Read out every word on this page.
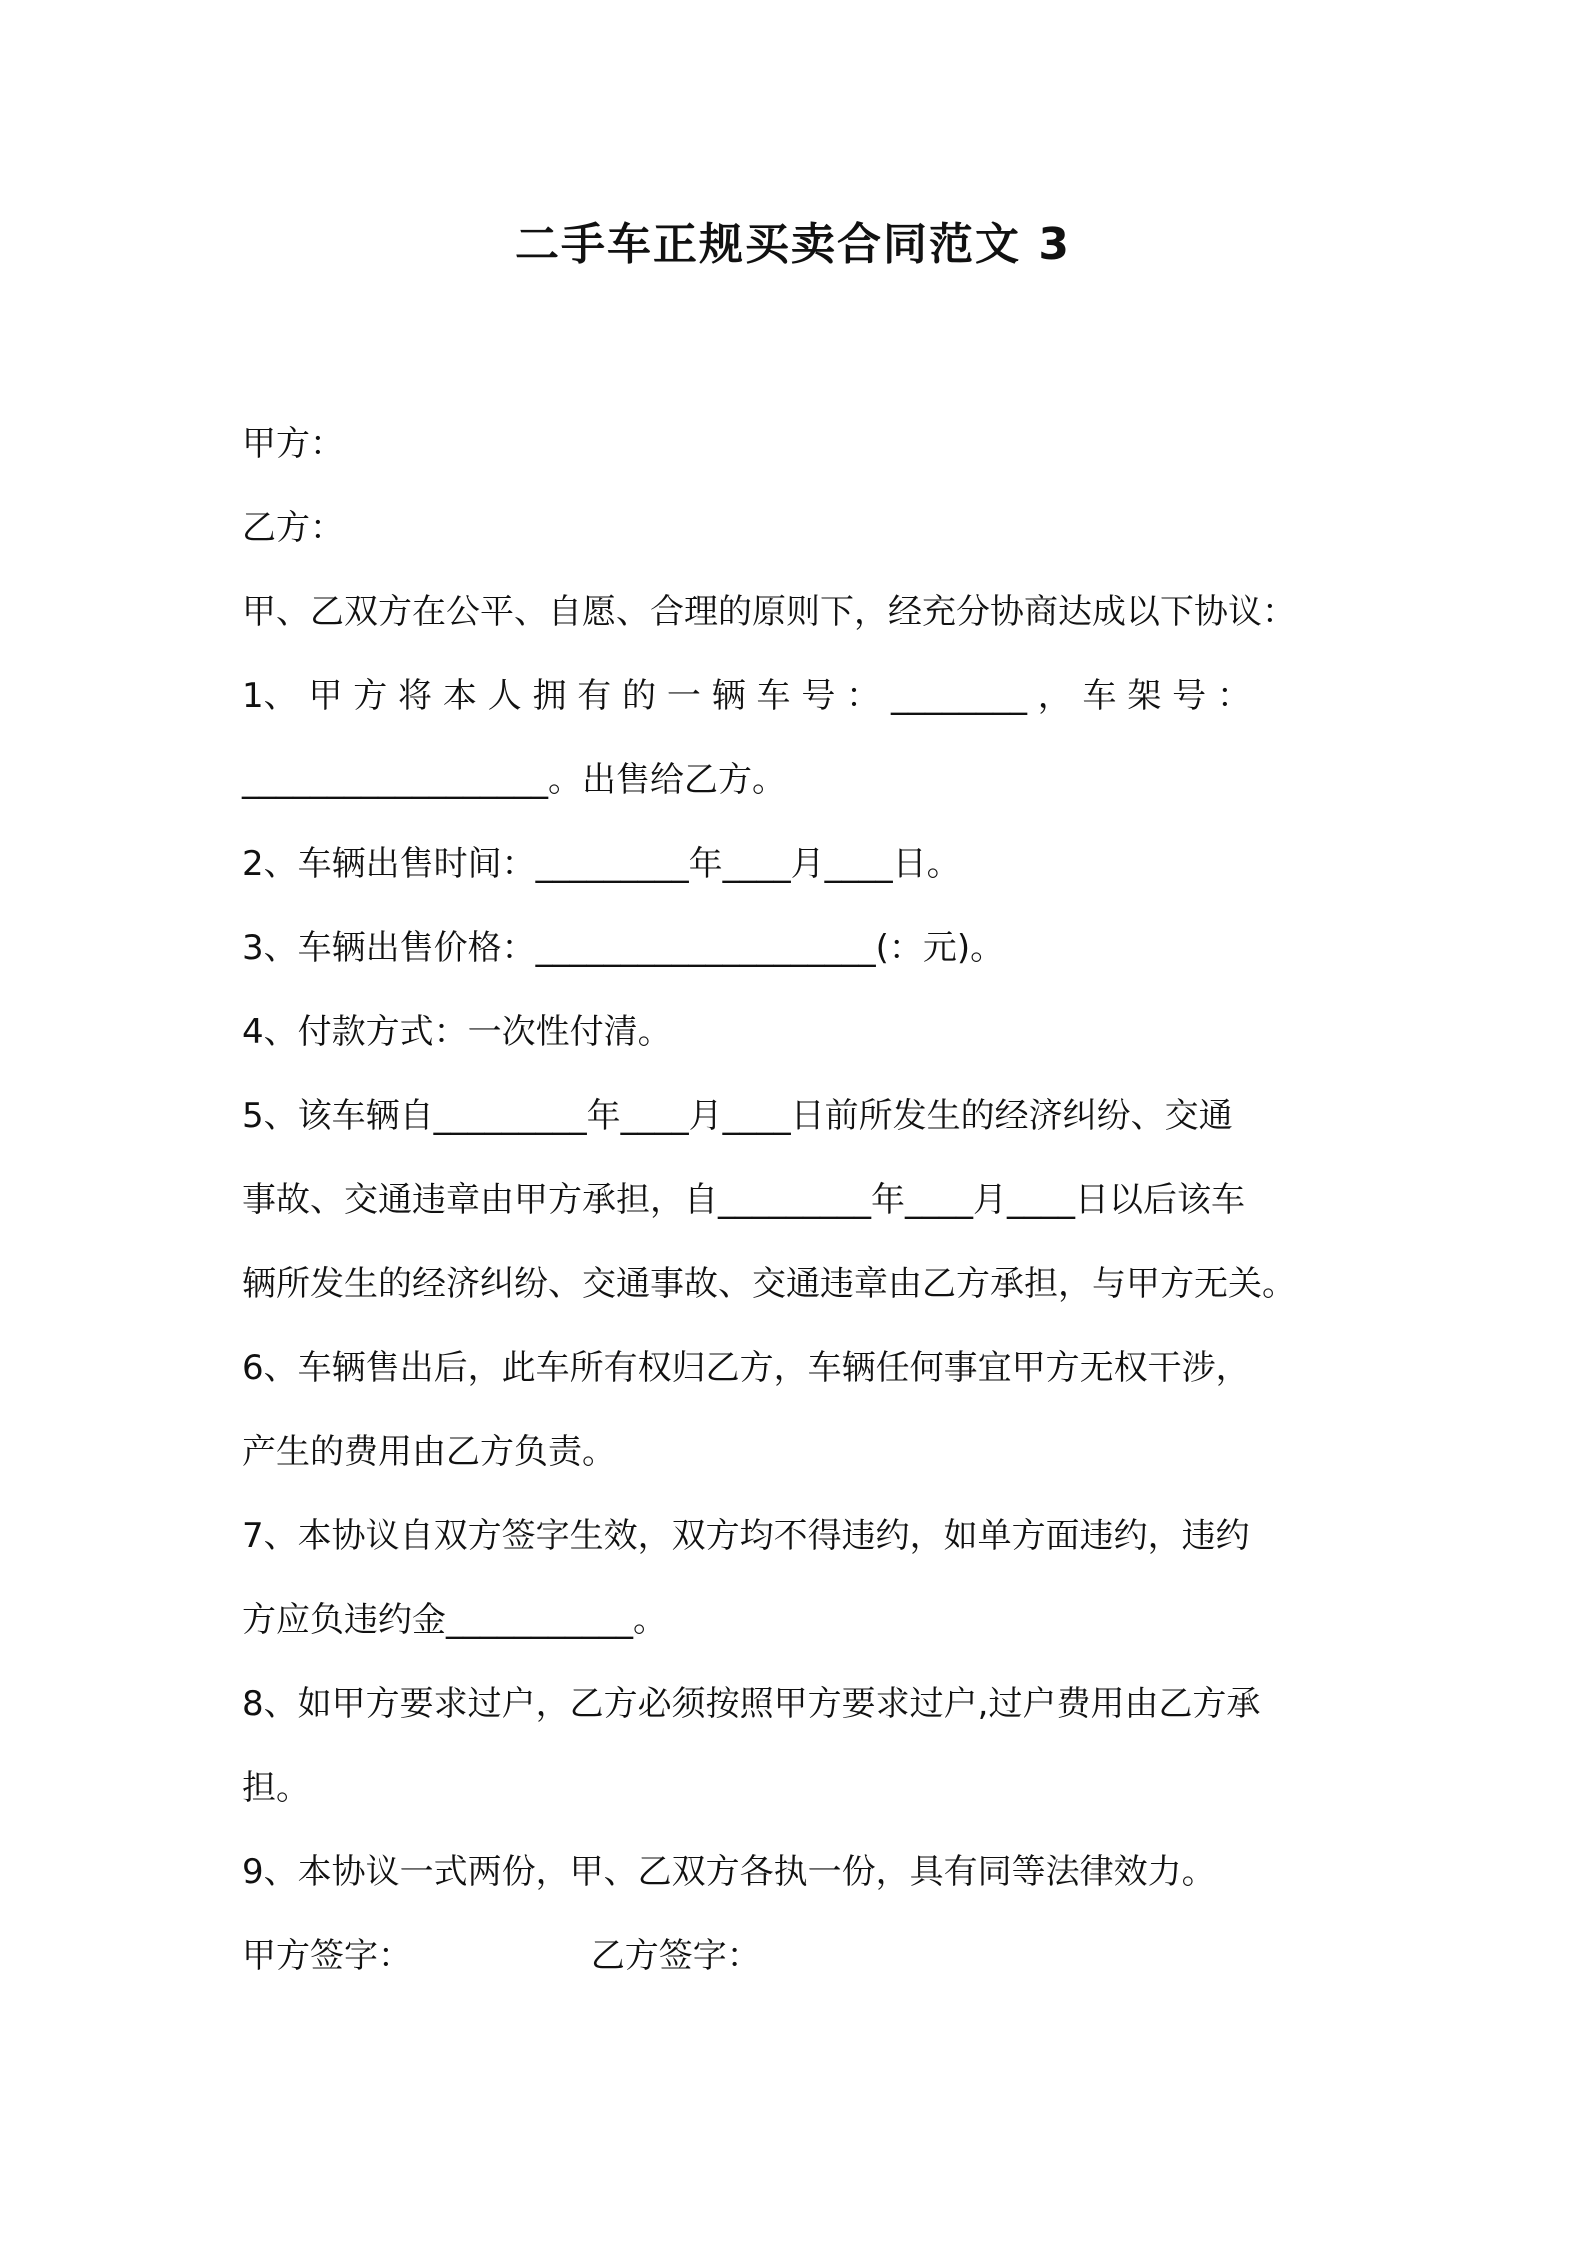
二手车正规买卖合同范文 3
甲方：
乙方：
甲、乙双方在公平、自愿、合理的原则下，经充分协商达成以下协议：
1、 甲 方 将 本 人 拥 有 的 一 辆 车 号 ： ________ ， 车 架 号 ：
__________________。出售给乙方。
2、车辆出售时间：_________年____月____日。
3、车辆出售价格：____________________(：元)。
4、付款方式：一次性付清。
5、该车辆自_________年____月____日前所发生的经济纠纷、交通
事故、交通违章由甲方承担，自_________年____月____日以后该车
辆所发生的经济纠纷、交通事故、交通违章由乙方承担，与甲方无关。
6、车辆售出后，此车所有权归乙方，车辆任何事宜甲方无权干涉，
产生的费用由乙方负责。
7、本协议自双方签字生效，双方均不得违约，如单方面违约，违约
方应负违约金___________。
8、如甲方要求过户，乙方必须按照甲方要求过户,过户费用由乙方承
担。
9、本协议一式两份，甲、乙双方各执一份，具有同等法律效力。
甲方签字：	乙方签字：
